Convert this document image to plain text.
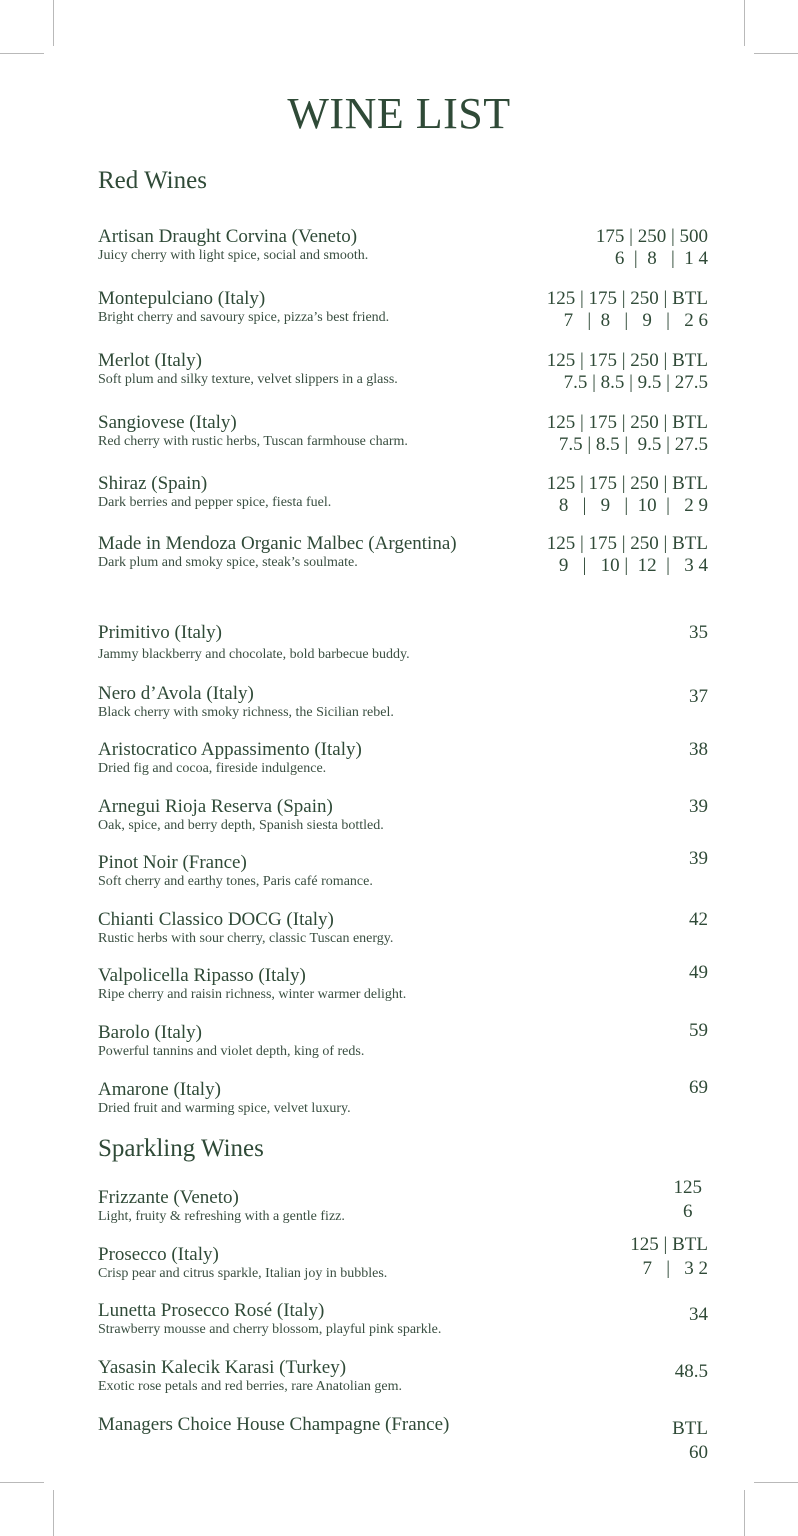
WINE LIST
Red Wines
Artisan Draught Corvina (Veneto)
Juicy cherry with light spice, social and smooth.
175 | 250 | 500
6  |  8   |  1 4
Montepulciano (Italy)
Bright cherry and savoury spice, pizza’s best friend.
125 | 175 | 250 | BTL
7   |  8   |   9   |   2 6
Merlot (Italy)
Soft plum and silky texture, velvet slippers in a glass.
125 | 175 | 250 | BTL
7.5 | 8.5 | 9.5 | 27.5
Sangiovese (Italy)
Red cherry with rustic herbs, Tuscan farmhouse charm.
125 | 175 | 250 | BTL
7.5 | 8.5 |  9.5 | 27.5
Shiraz (Spain)
Dark berries and pepper spice, fiesta fuel.
125 | 175 | 250 | BTL
8   |   9   |  10  |   2 9
Made in Mendoza Organic Malbec (Argentina)
Dark plum and smoky spice, steak’s soulmate.
125 | 175 | 250 | BTL
9   |   10 |  12  |   3 4
Primitivo (Italy)
Jammy blackberry and chocolate, bold barbecue buddy.
35
Nero d’Avola (Italy)
Black cherry with smoky richness, the Sicilian rebel.
37
Aristocratico Appassimento (Italy)
Dried fig and cocoa, fireside indulgence.
38
Arnegui Rioja Reserva (Spain)
Oak, spice, and berry depth, Spanish siesta bottled.
39
Pinot Noir (France)
Soft cherry and earthy tones, Paris café romance.
39
Chianti Classico DOCG (Italy)
Rustic herbs with sour cherry, classic Tuscan energy.
42
Valpolicella Ripasso (Italy)
Ripe cherry and raisin richness, winter warmer delight.
49
Barolo (Italy)
Powerful tannins and violet depth, king of reds.
59
Amarone (Italy)
Dried fruit and warming spice, velvet luxury.
69
Sparkling Wines
Frizzante (Veneto)
Light, fruity & refreshing with a gentle fizz.
125
6
Prosecco (Italy)
Crisp pear and citrus sparkle, Italian joy in bubbles.
125 | BTL
7   |   3 2
Lunetta Prosecco Rosé (Italy)
Strawberry mousse and cherry blossom, playful pink sparkle.
34
Yasasin Kalecik Karasi (Turkey)
Exotic rose petals and red berries, rare Anatolian gem.
48.5
Managers Choice House Champagne (France)	BTL
60
